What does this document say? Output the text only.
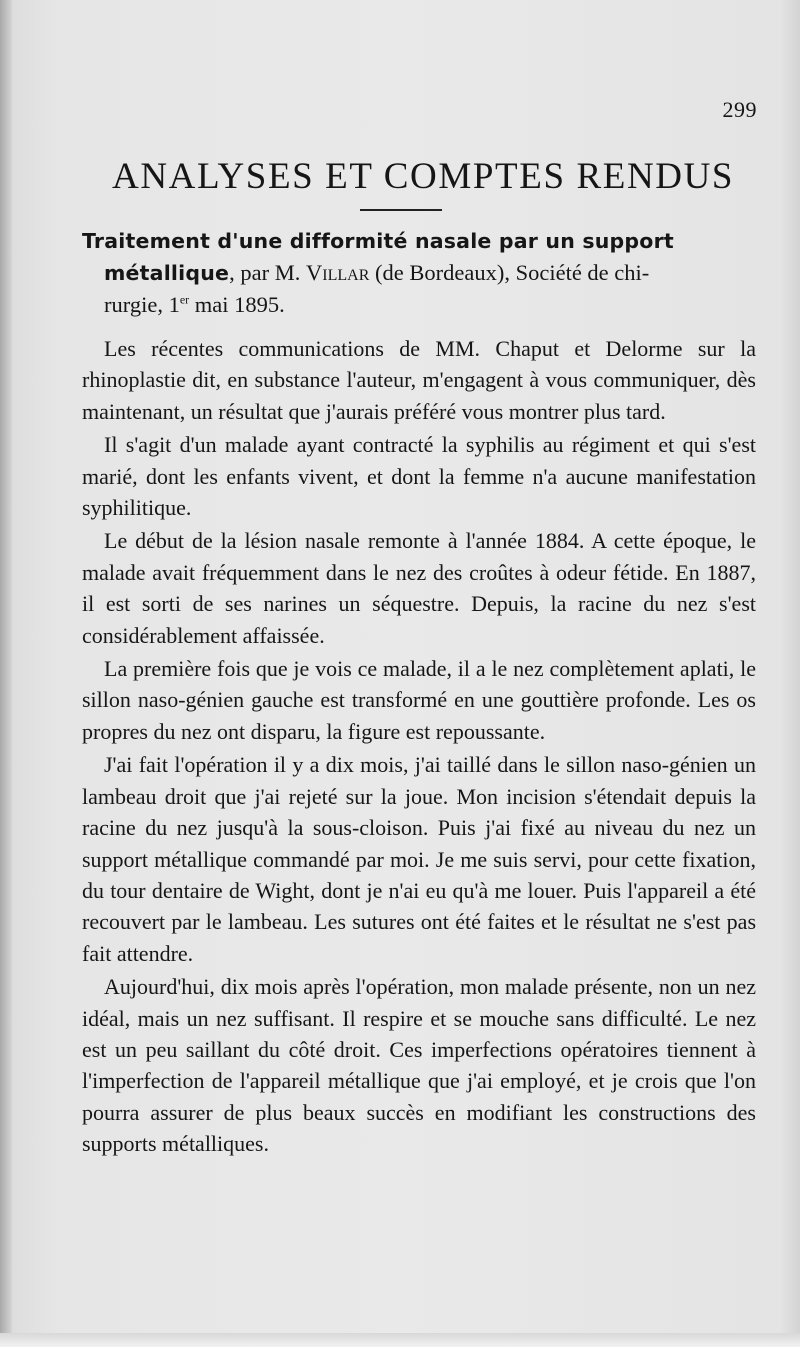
299
ANALYSES ET COMPTES RENDUS
Traitement d'une difformité nasale par un support
métallique, par M. Villar (de Bordeaux), Société de chi-
rurgie, 1er mai 1895.

Les récentes communications de MM. Chaput et Delorme sur la rhinoplastie dit, en substance l'auteur, m'engagent à vous communiquer, dès maintenant, un résultat que j'aurais préféré vous montrer plus tard.

Il s'agit d'un malade ayant contracté la syphilis au régiment et qui s'est marié, dont les enfants vivent, et dont la femme n'a aucune manifestation syphilitique.

Le début de la lésion nasale remonte à l'année 1884. A cette époque, le malade avait fréquemment dans le nez des croûtes à odeur fétide. En 1887, il est sorti de ses narines un séquestre. Depuis, la racine du nez s'est considérablement affaissée.

La première fois que je vois ce malade, il a le nez complètement aplati, le sillon naso-génien gauche est transformé en une gouttière profonde. Les os propres du nez ont disparu, la figure est repoussante.

J'ai fait l'opération il y a dix mois, j'ai taillé dans le sillon naso-génien un lambeau droit que j'ai rejeté sur la joue. Mon incision s'étendait depuis la racine du nez jusqu'à la sous-cloison. Puis j'ai fixé au niveau du nez un support métallique commandé par moi. Je me suis servi, pour cette fixation, du tour dentaire de Wight, dont je n'ai eu qu'à me louer. Puis l'appareil a été recouvert par le lambeau. Les sutures ont été faites et le résultat ne s'est pas fait attendre.

Aujourd'hui, dix mois après l'opération, mon malade présente, non un nez idéal, mais un nez suffisant. Il respire et se mouche sans difficulté. Le nez est un peu saillant du côté droit. Ces imperfections opératoires tiennent à l'imperfection de l'appareil métallique que j'ai employé, et je crois que l'on pourra assurer de plus beaux succès en modifiant les constructions des supports métalliques.
